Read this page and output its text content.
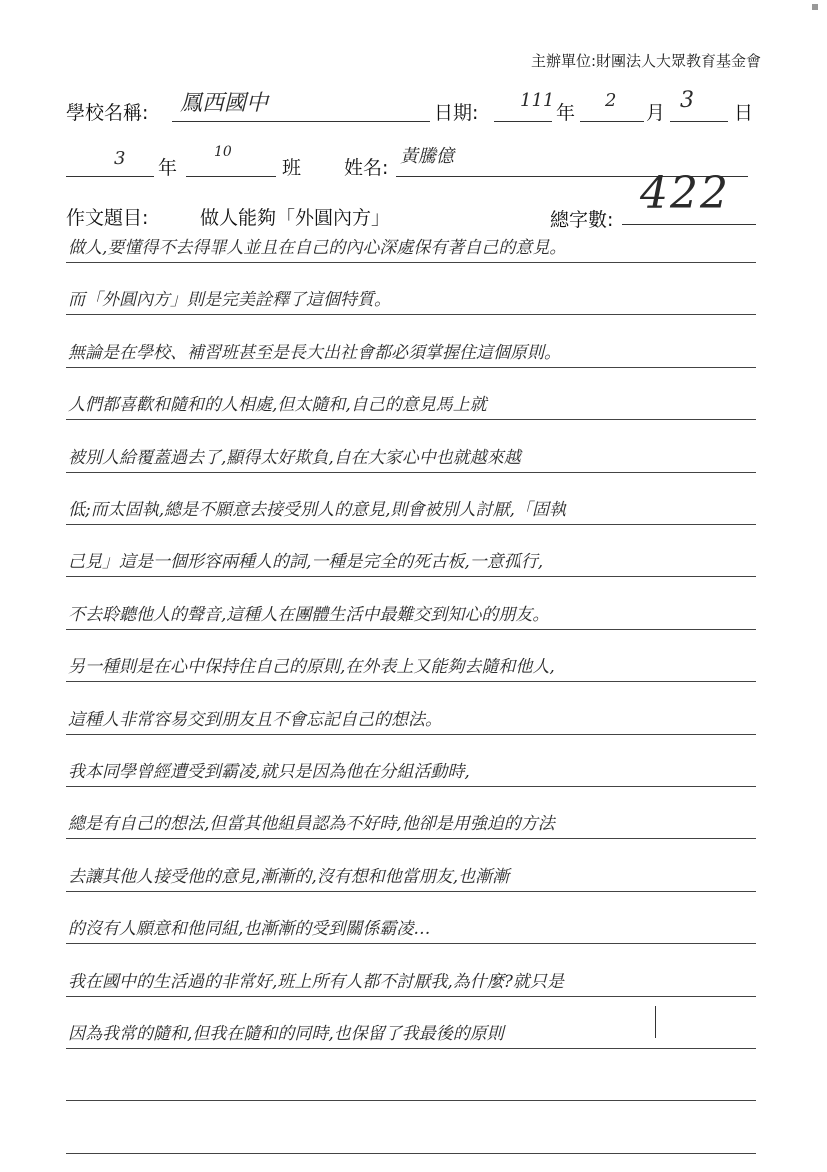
主辦單位:財團法人大眾教育基金會
學校名稱: 鳳西國中	日期:
111
年
2
月 3 日
3 年
10
班 姓名:
黃騰億
作文題目:	做人能夠「外圓內方」	總字數:
422
做人,要懂得不去得罪人並且在自己的內心深處保有著自己的意見。
而「外圓內方」則是完美詮釋了這個特質。
無論是在學校、補習班甚至是長大出社會都必須掌握住這個原則。
人們都喜歡和隨和的人相處,但太隨和,自己的意見馬上就
被別人給覆蓋過去了,顯得太好欺負,自在大家心中也就越來越
低;而太固執,總是不願意去接受別人的意見,則會被別人討厭,「固執
己見」這是一個形容兩種人的詞,一種是完全的死古板,一意孤行,
不去聆聽他人的聲音,這種人在團體生活中最難交到知心的朋友。
另一種則是在心中保持住自己的原則,在外表上又能夠去隨和他人,
這種人非常容易交到朋友且不會忘記自己的想法。
我本同學曾經遭受到霸凌,就只是因為他在分組活動時,
總是有自己的想法,但當其他組員認為不好時,他卻是用強迫的方法
去讓其他人接受他的意見,漸漸的,沒有想和他當朋友,也漸漸
的沒有人願意和他同組,也漸漸的受到關係霸凌…
我在國中的生活過的非常好,班上所有人都不討厭我,為什麼?就只是
因為我常的隨和,但我在隨和的同時,也保留了我最後的原則
